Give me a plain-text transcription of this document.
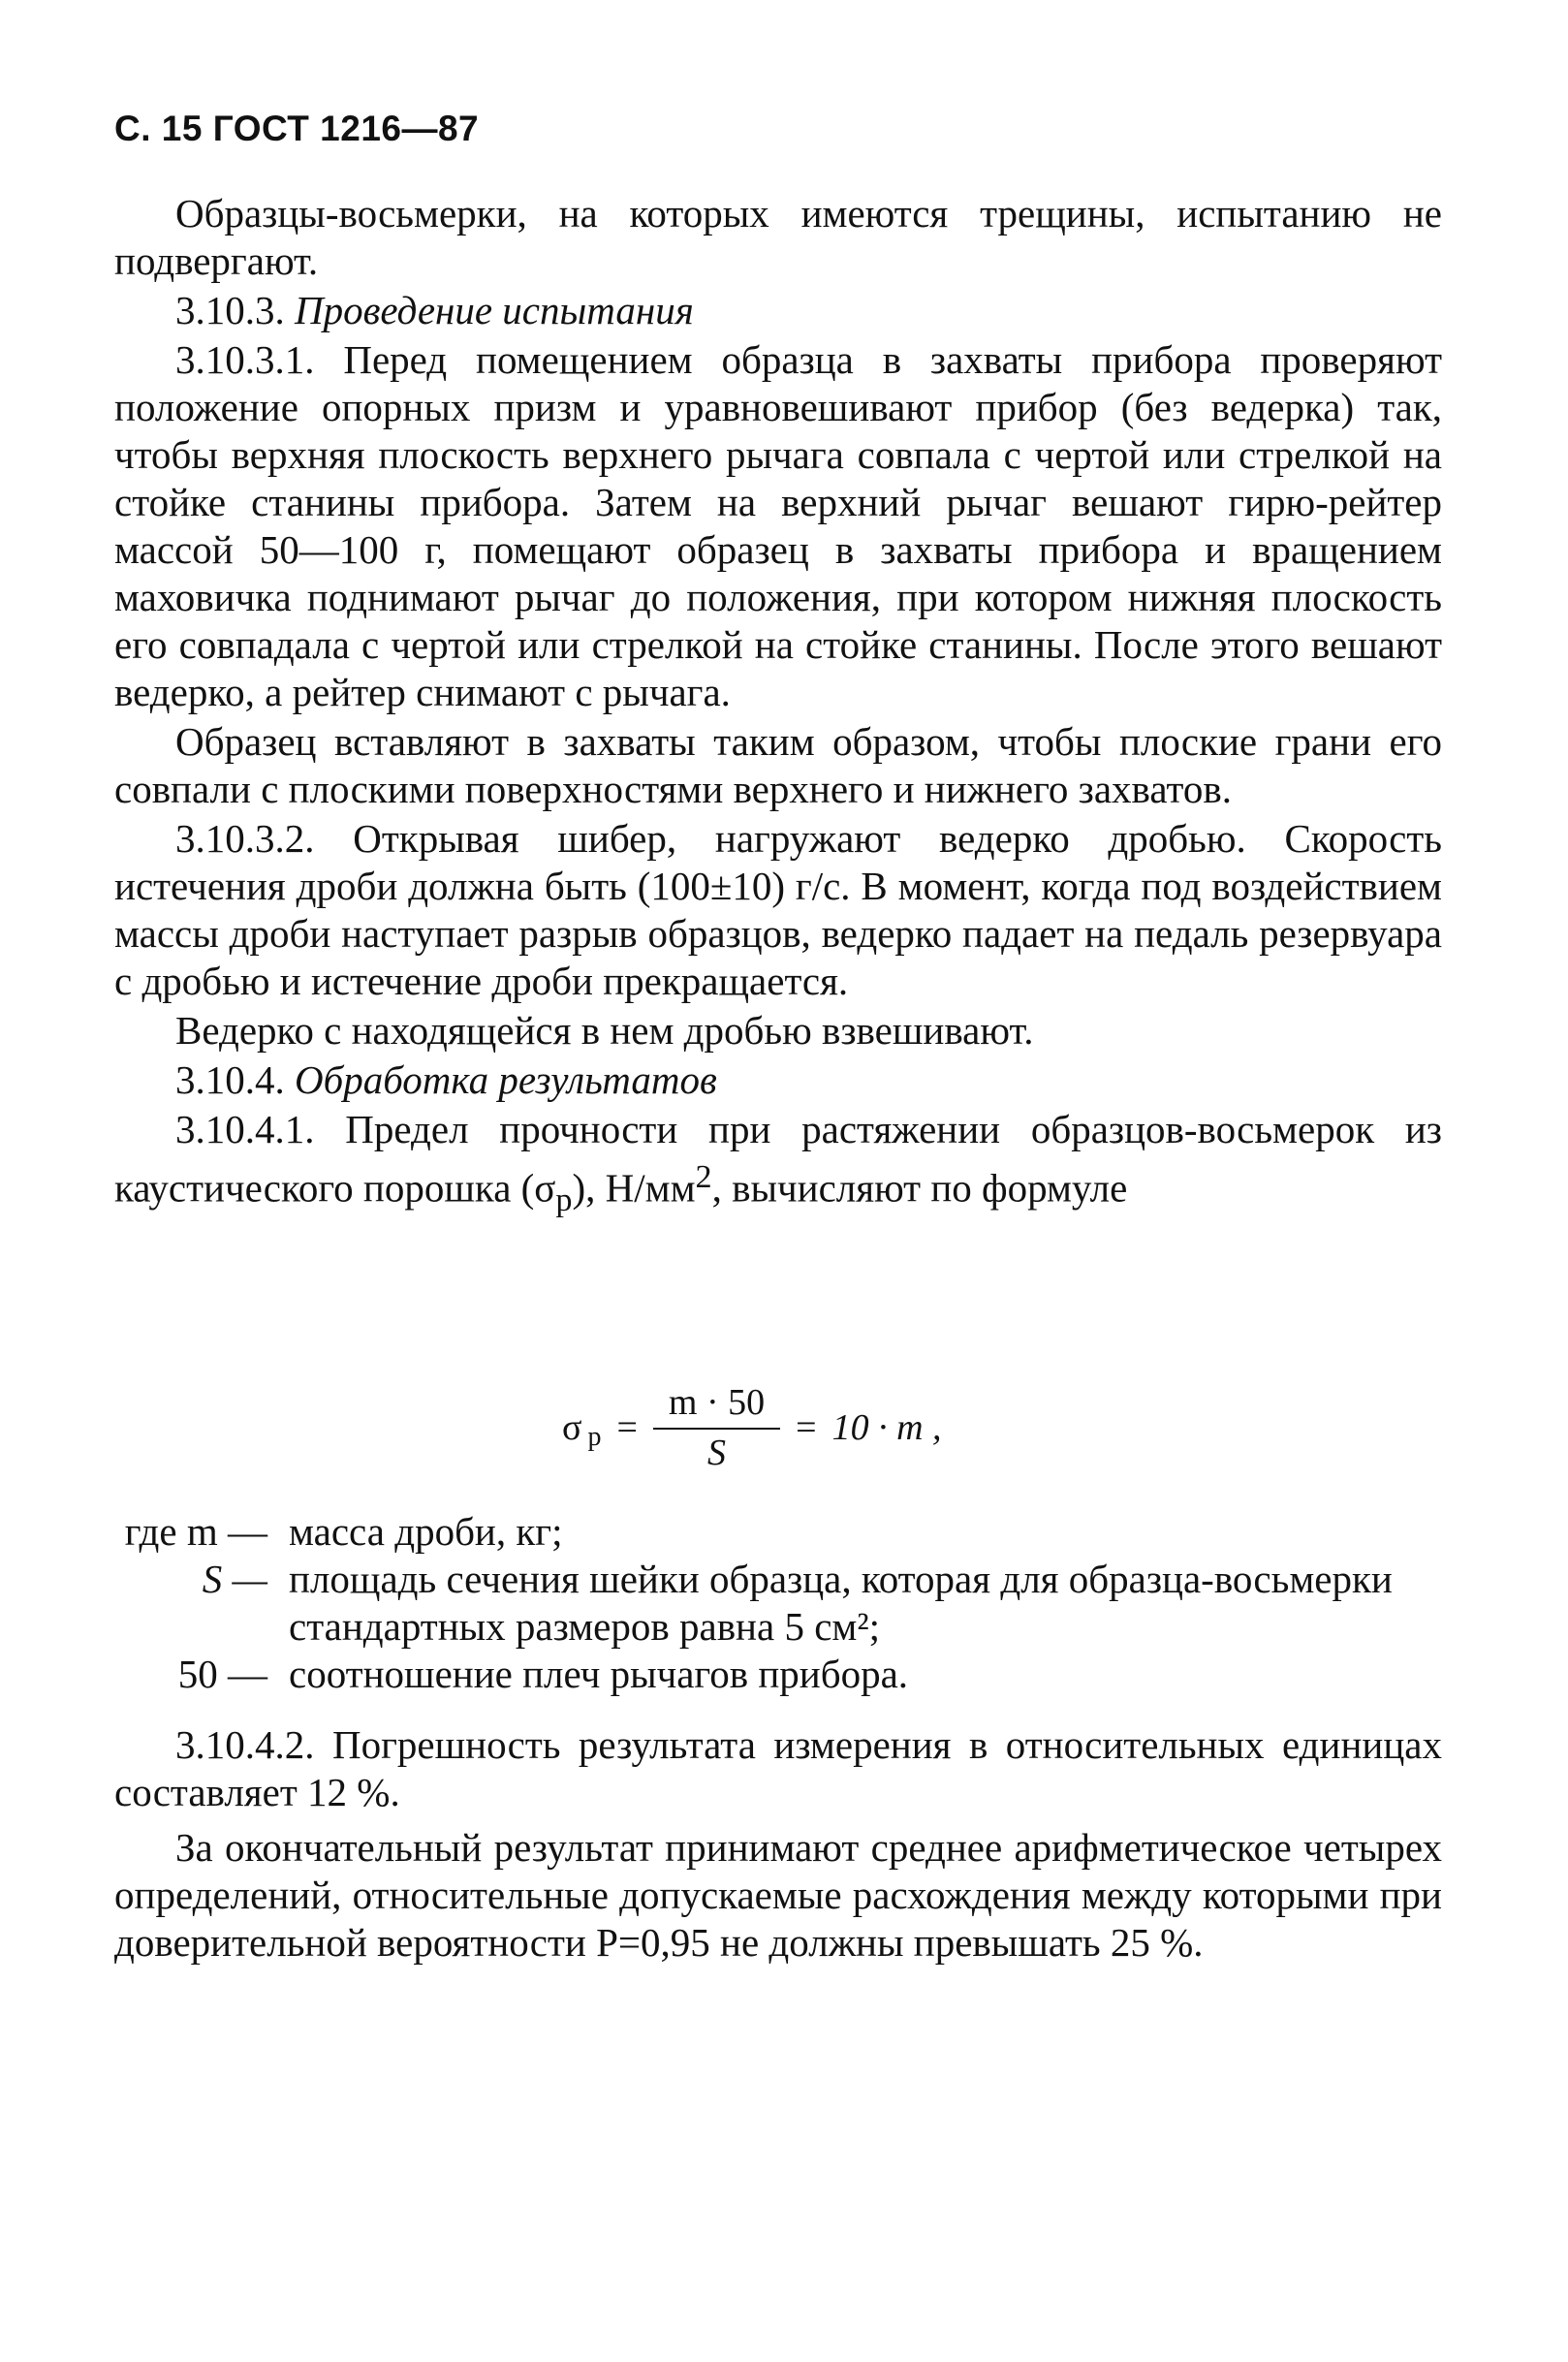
С. 15 ГОСТ 1216—87

Образцы-восьмерки, на которых имеются трещины, испытанию не подвергают.

3.10.3. Проведение испытания

3.10.3.1. Перед помещением образца в захваты прибора проверяют положение опорных призм и уравновешивают прибор (без ведерка) так, чтобы верхняя плоскость верхнего рычага совпала с чертой или стрелкой на стойке станины прибора. Затем на верхний рычаг вешают гирю-рейтер массой 50—100 г, помещают образец в захваты прибора и вращением маховичка поднимают рычаг до положения, при котором нижняя плоскость его совпадала с чертой или стрелкой на стойке станины. После этого вешают ведерко, а рейтер снимают с рычага.

Образец вставляют в захваты таким образом, чтобы плоские грани его совпали с плоскими поверхностями верхнего и нижнего захватов.

3.10.3.2. Открывая шибер, нагружают ведерко дробью. Скорость истечения дроби должна быть (100±10) г/с. В момент, когда под воздействием массы дроби наступает разрыв образцов, ведерко падает на педаль резервуара с дробью и истечение дроби прекращается.

Ведерко с находящейся в нем дробью взвешивают.

3.10.4. Обработка результатов

3.10.4.1. Предел прочности при растяжении образцов-восьмерок из каустического порошка $(\sigma_р)$, $Н/мм^2$, вычисляют по формуле

$\sigma_р = \frac{m \cdot 50}{S} = 10 \cdot m$ ,
где m — масса дроби, кг;
S — площадь сечения шейки образца, которая для образца-восьмерки стандартных размеров равна 5 см²;
50 — соотношение плеч рычагов прибора.

3.10.4.2. Погрешность результата измерения в относительных единицах составляет 12 %.

За окончательный результат принимают среднее арифметическое четырех определений, относительные допускаемые расхождения между которыми при доверительной вероятности Р=0,95 не должны превышать 25 %.
